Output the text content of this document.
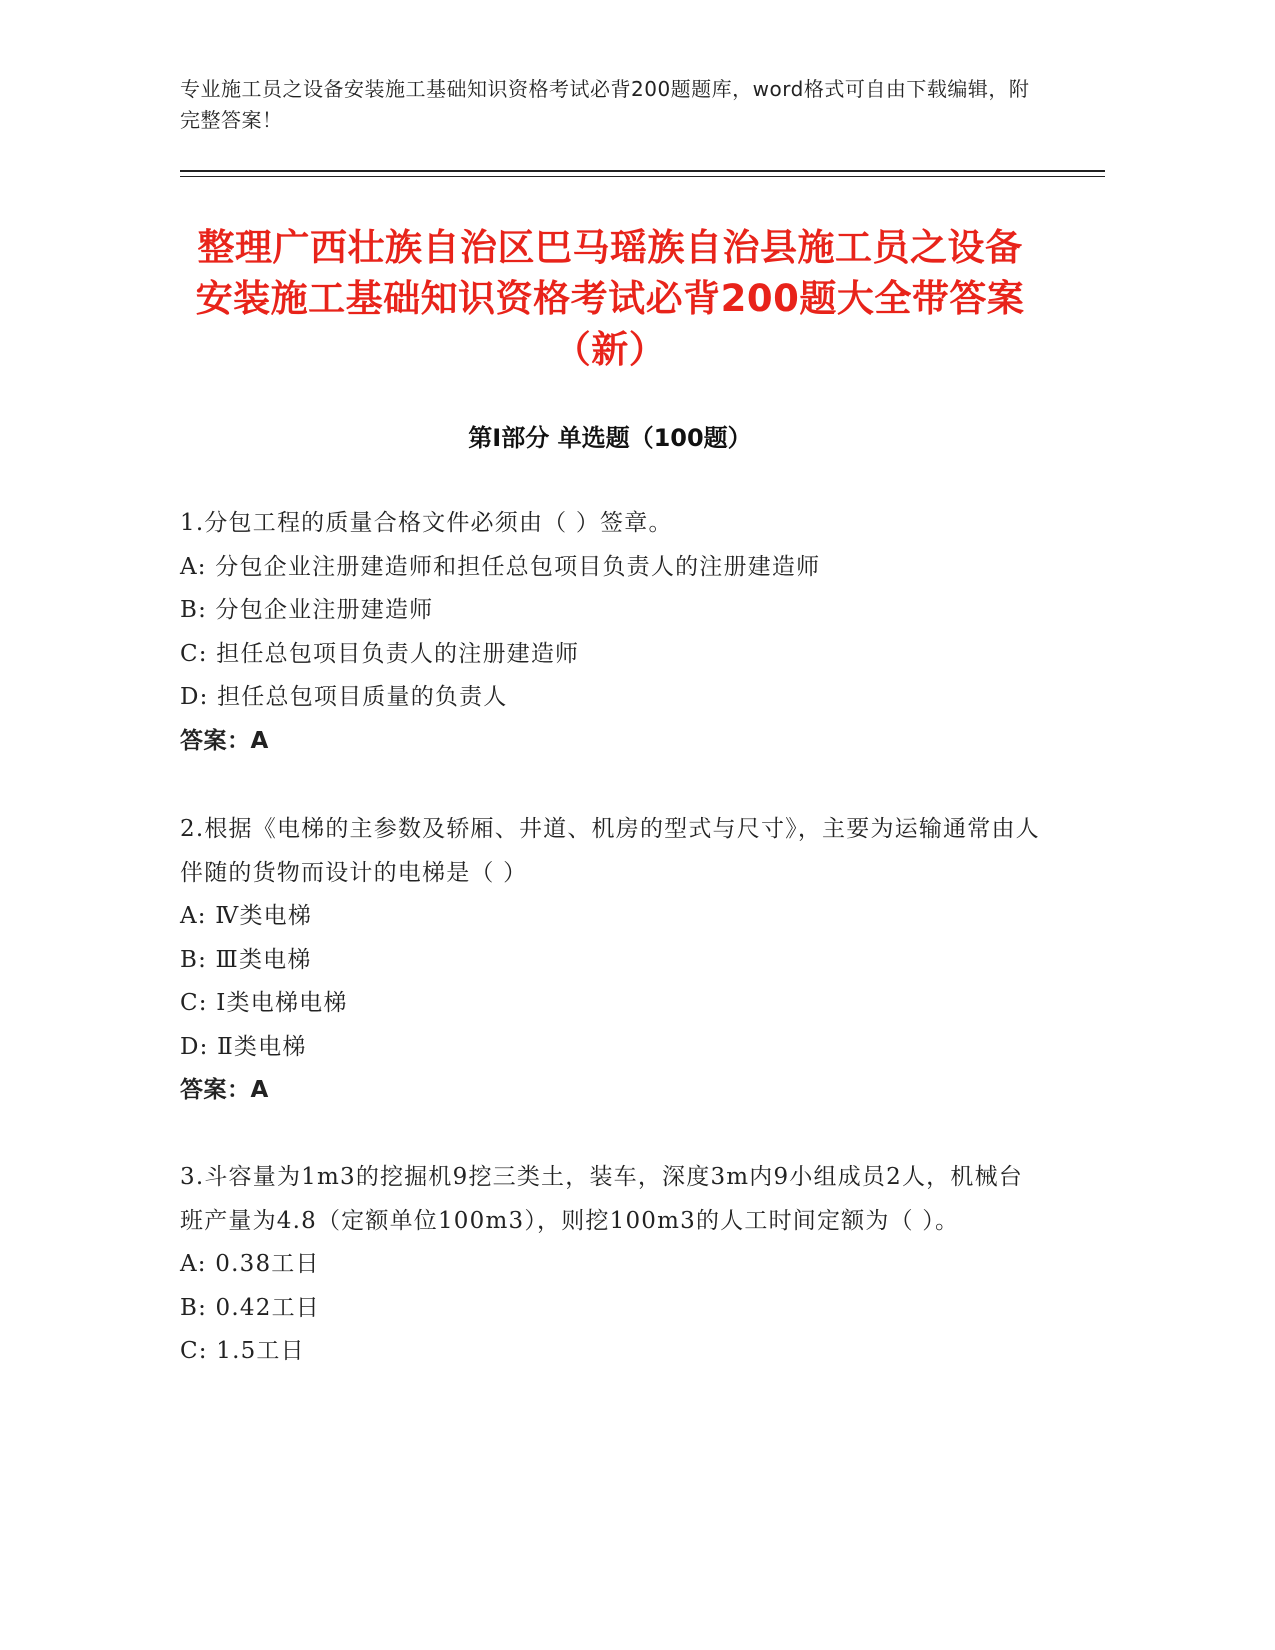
专业施工员之设备安装施工基础知识资格考试必背200题题库，word格式可自由下载编辑，附完整答案！
整理广西壮族自治区巴马瑶族自治县施工员之设备安装施工基础知识资格考试必背200题大全带答案（新）
第Ⅰ部分 单选题（100题）
1.分包工程的质量合格文件必须由（ ）签章。
A: 分包企业注册建造师和担任总包项目负责人的注册建造师
B: 分包企业注册建造师
C: 担任总包项目负责人的注册建造师
D: 担任总包项目质量的负责人
答案：A
2.根据《电梯的主参数及轿厢、井道、机房的型式与尺寸》，主要为运输通常由人伴随的货物而设计的电梯是（ ）
A: Ⅳ类电梯
B: Ⅲ类电梯
C: Ⅰ类电梯电梯
D: Ⅱ类电梯
答案：A
3.斗容量为1m3的挖掘机9挖三类土，装车，深度3m内9小组成员2人，机械台班产量为4.8（定额单位100m3），则挖100m3的人工时间定额为（ ）。
A: 0.38工日
B: 0.42工日
C: 1.5工日
